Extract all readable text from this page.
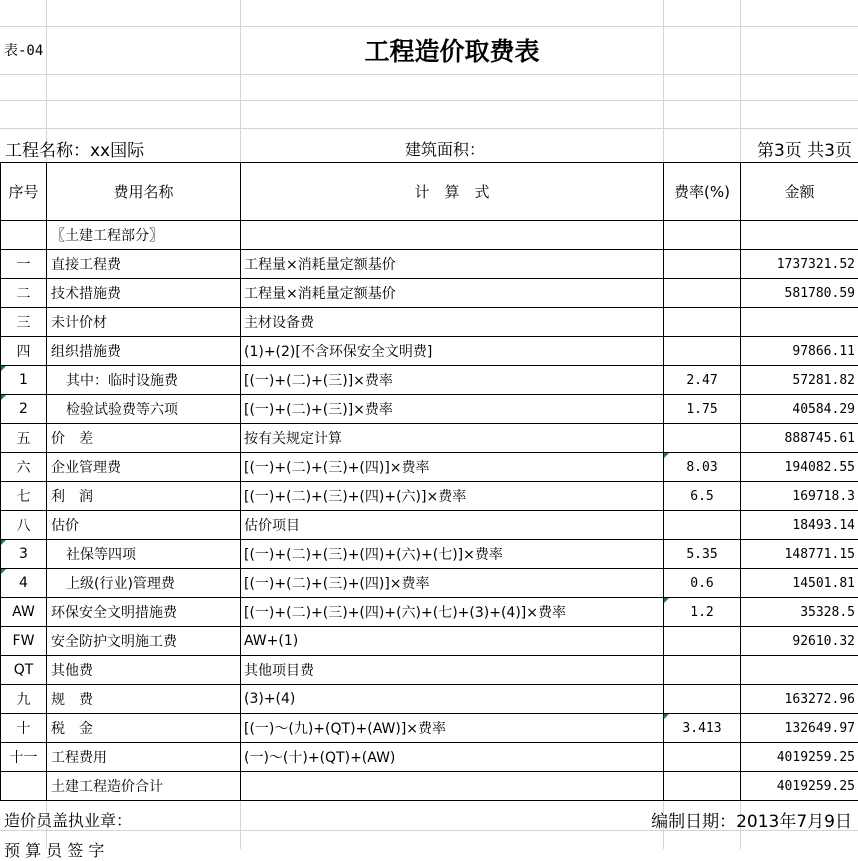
表-04	工程造价取费表
工程名称：xx国际	建筑面积：	第3页 共3页
序号	费用名称	计　算　式	费率(%)	金额
	〖土建工程部分〗			
一	直接工程费	工程量×消耗量定额基价		1737321.52
二	技术措施费	工程量×消耗量定额基价		581780.59
三	未计价材	主材设备费		
四	组织措施费	(1)+(2)[不含环保安全文明费]		97866.11
1	其中：临时设施费	[(一)+(二)+(三)]×费率	2.47	57281.82
2	检验试验费等六项	[(一)+(二)+(三)]×费率	1.75	40584.29
五	价　差	按有关规定计算		888745.61
六	企业管理费	[(一)+(二)+(三)+(四)]×费率	8.03	194082.55
七	利　润	[(一)+(二)+(三)+(四)+(六)]×费率	6.5	169718.3
八	估价	估价项目		18493.14
3	社保等四项	[(一)+(二)+(三)+(四)+(六)+(七)]×费率	5.35	148771.15
4	上级(行业)管理费	[(一)+(二)+(三)+(四)]×费率	0.6	14501.81
AW	环保安全文明措施费	[(一)+(二)+(三)+(四)+(六)+(七)+(3)+(4)]×费率	1.2	35328.5
FW	安全防护文明施工费	AW+(1)		92610.32
QT	其他费	其他项目费		
九	规　费	(3)+(4)		163272.96
十	税　金	[(一)～(九)+(QT)+(AW)]×费率	3.413	132649.97
十一	工程费用	(一)～(十)+(QT)+(AW)		4019259.25
	土建工程造价合计			4019259.25
造价员盖执业章：	编制日期：2013年7月9日
预 算 员 签 字
